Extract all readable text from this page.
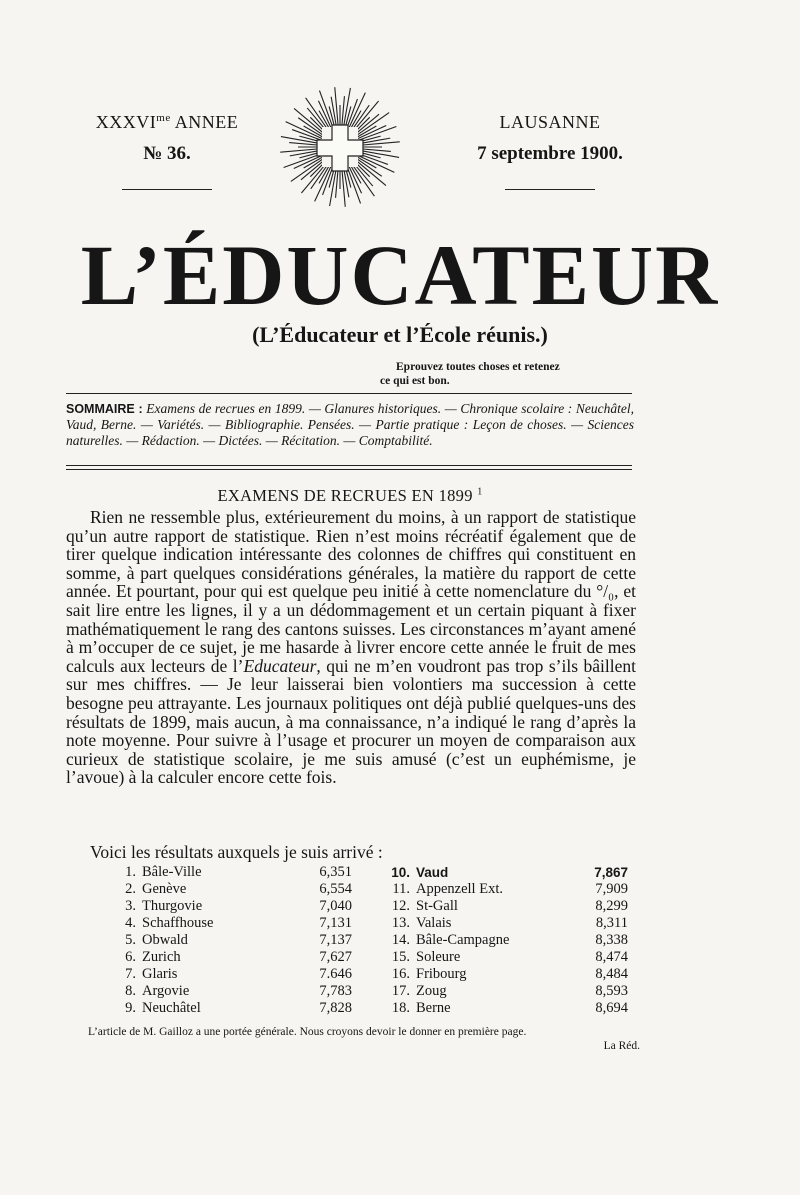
$XXXVI^{me}$ ANNEE
№ 36.
LAUSANNE
7 septembre 1900.
L’ÉDUCATEUR
(L’Éducateur et l’École réunis.)
Eprouvez toutes choses et retenez
ce qui est bon.
SOMMAIRE : Examens de recrues en 1899. — Glanures historiques. — Chronique scolaire : Neuchâtel, Vaud, Berne. — Variétés. — Bibliographie. Pensées. — Partie pratique : Leçon de choses. — Sciences naturelles. — Rédaction. — Dictées. — Récitation. — Comptabilité.
EXAMENS DE RECRUES EN 1899 $^1$

Rien ne ressemble plus, extérieurement du moins, à un rapport de statistique qu’un autre rapport de statistique. Rien n’est moins récréatif également que de tirer quelque indication intéressante des colonnes de chiffres qui constituent en somme, à part quelques considérations générales, la matière du rapport de cette année. Et pourtant, pour qui est quelque peu initié à cette nomenclature du °/₀, et sait lire entre les lignes, il y a un dédommagement et un certain piquant à fixer mathématiquement le rang des cantons suisses. Les circonstances m’ayant amené à m’occuper de ce sujet, je me hasarde à livrer encore cette année le fruit de mes calculs aux lecteurs de l’Educateur, qui ne m’en voudront pas trop s’ils bâillent sur mes chiffres. — Je leur laisserai bien volontiers ma succession à cette besogne peu attrayante. Les journaux politiques ont déjà publié quelques-uns des résultats de 1899, mais aucun, à ma connaissance, n’a indiqué le rang d’après la note moyenne. Pour suivre à l’usage et procurer un moyen de comparaison aux curieux de statistique scolaire, je me suis amusé (c’est un euphémisme, je l’avoue) à la calculer encore cette fois.

Voici les résultats auxquels je suis arrivé :
1.	Bâle-Ville	6,351
2.	Genève	6,554
3.	Thurgovie	7,040
4.	Schaffhouse	7,131
5.	Obwald	7,137
6.	Zurich	7,627
7.	Glaris	7.646
8.	Argovie	7,783
9.	Neuchâtel	7,828
10.	Vaud	7,867
11.	Appenzell Ext.	7,909
12.	St-Gall	8,299
13.	Valais	8,311
14.	Bâle-Campagne	8,338
15.	Soleure	8,474
16.	Fribourg	8,484
17.	Zoug	8,593
18.	Berne	8,694
L’article de M. Gailloz a une portée générale. Nous croyons devoir le donner en première page.
La Réd.
